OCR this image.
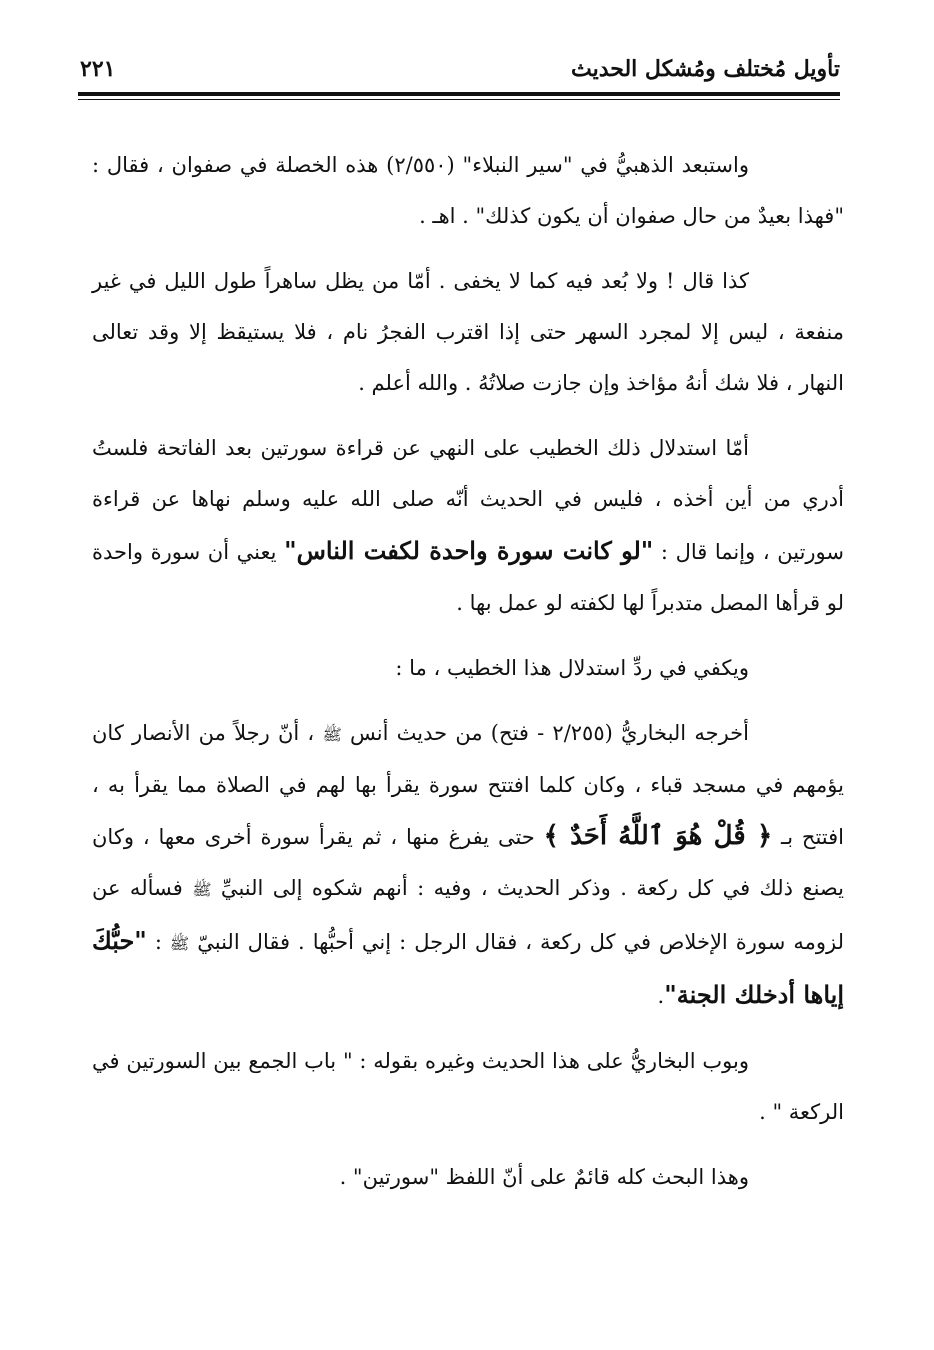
تأويل مُختلف ومُشكل الحديث
٢٢١

واستبعد الذهبيُّ في "سير النبلاء" (٢/٥٥٠) هذه الخصلة في صفوان ، فقال : "فهذا بعيدٌ من حال صفوان أن يكون كذلك" . اهـ .

كذا قال ! ولا بُعد فيه كما لا يخفى . أمّا من يظل ساهراً طول الليل في غير منفعة ، ليس إلا لمجرد السهر حتى إذا اقترب الفجرُ نام ، فلا يستيقظ إلا وقد تعالى النهار ، فلا شك أنهُ مؤاخذ وإن جازت صلاتُهُ . والله أعلم .

أمّا استدلال ذلك الخطيب على النهي عن قراءة سورتين بعد الفاتحة فلستُ أدري من أين أخذه ، فليس في الحديث أنّه صلى الله عليه وسلم نهاها عن قراءة سورتين ، وإنما قال : "لو كانت سورة واحدة لكفت الناس" يعني أن سورة واحدة لو قرأها المصل متدبراً لها لكفته لو عمل بها .

ويكفي في ردِّ استدلال هذا الخطيب ، ما :

أخرجه البخاريُّ (٢/٢٥٥ - فتح) من حديث أنس ﷺ ، أنّ رجلاً من الأنصار كان يؤمهم في مسجد قباء ، وكان كلما افتتح سورة يقرأ بها لهم في الصلاة مما يقرأ به ، افتتح بـ ﴿ قُلْ هُوَ ٱللَّهُ أَحَدٌ ﴾ حتى يفرغ منها ، ثم يقرأ سورة أخرى معها ، وكان يصنع ذلك في كل ركعة . وذكر الحديث ، وفيه : أنهم شكوه إلى النبيِّ ﷺ فسأله عن لزومه سورة الإخلاص في كل ركعة ، فقال الرجل : إني أحبُّها . فقال النبيّ ﷺ : "حبُّكَ إياها أدخلك الجنة".

وبوب البخاريُّ على هذا الحديث وغيره بقوله : " باب الجمع بين السورتين في الركعة " .

وهذا البحث كله قائمٌ على أنّ اللفظ "سورتين" .
